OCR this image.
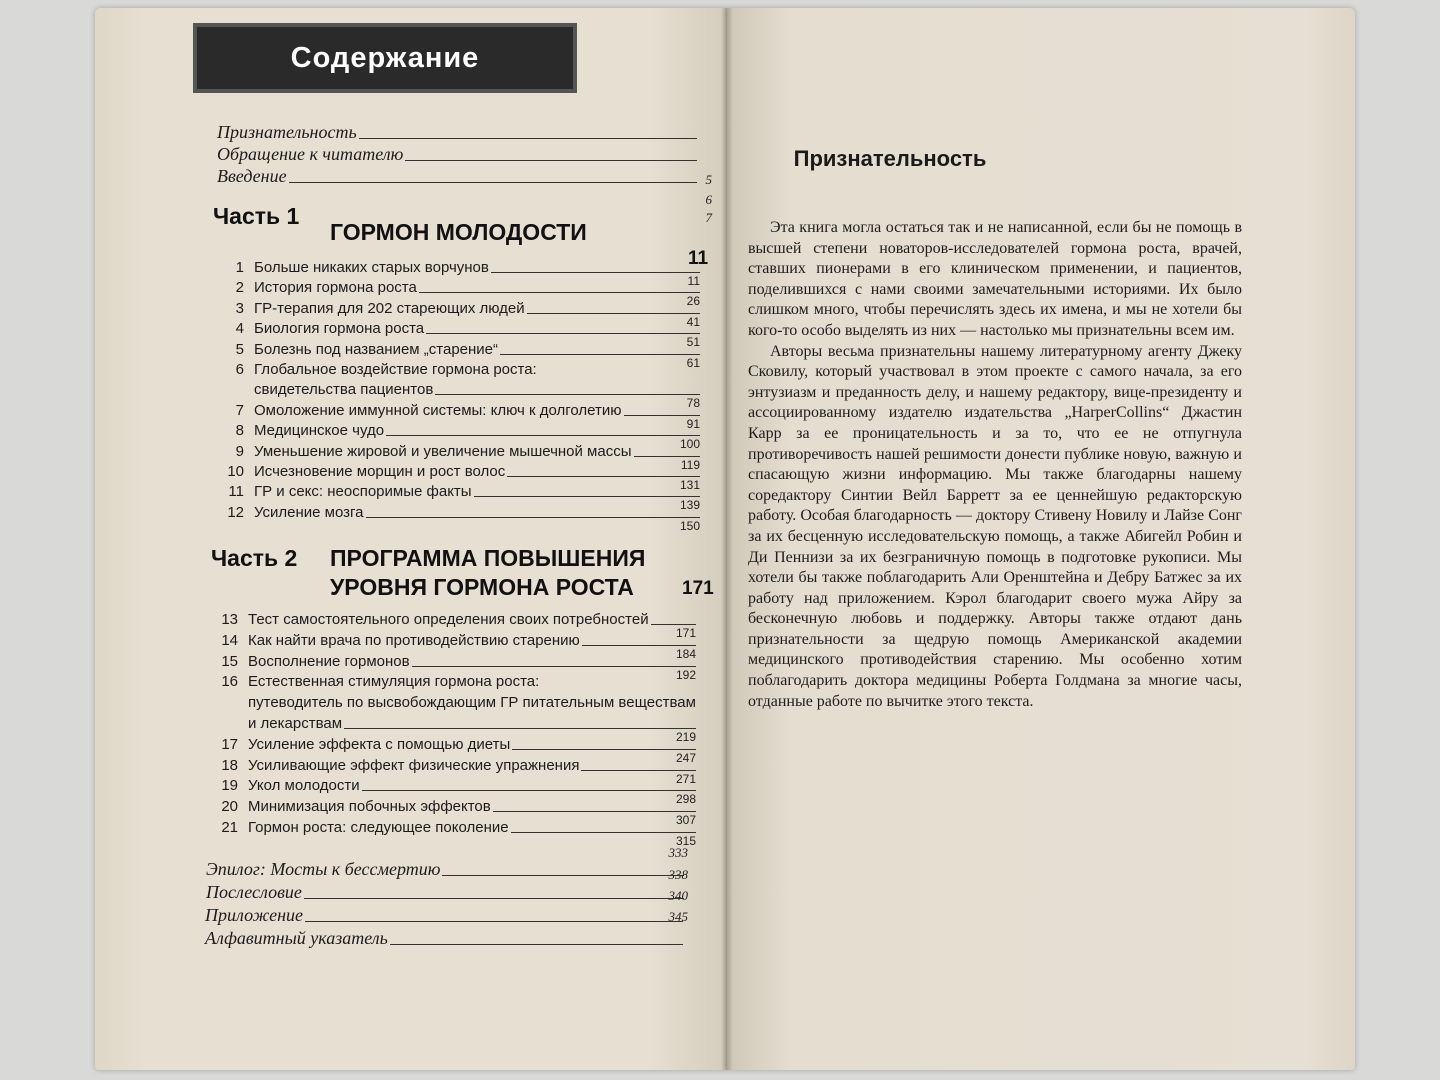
Содержание
Признательность
Обращение к читателю
Введение	5
6
7
Часть 1
ГОРМОН МОЛОДОСТИ
11
1 Больше никаких старых ворчунов
11
2 История гормона роста
26
3 ГР-терапия для 202 стареющих людей
41
4 Биология гормона роста
51
5 Болезнь под названием „старение“
61
6 Глобальное воздействие гормона роста:
свидетельства пациентов
78
7 Омоложение иммунной системы: ключ к долголетию
91
8 Медицинское чудо
100
9 Уменьшение жировой и увеличение мышечной массы
119
10 Исчезновение морщин и рост волос
131
11 ГР и секс: неоспоримые факты
139
12 Усиление мозга
150
Часть 2 ПРОГРАММА ПОВЫШЕНИЯ
УРОВНЯ ГОРМОНА РОСТА	171
13 Тест самостоятельного определения своих потребностей
171
14 Как найти врача по противодействию старению
184
15 Восполнение гормонов
192
16 Естественная стимуляция гормона роста:
путеводитель по высвобождающим ГР питательным веществам
и лекарствам
219
17 Усиление эффекта с помощью диеты
247
18 Усиливающие эффект физические упражнения
271
19 Укол молодости
298
20 Минимизация побочных эффектов
307
21 Гормон роста: следующее поколение
315
Эпилог: Мосты к бессмертию
Послесловие
Приложение
Алфавитный указатель
333
338
340
345
Признательность

Эта книга могла остаться так и не написанной, если бы не помощь в высшей степени новаторов-исследователей гормона роста, врачей, ставших пионерами в его клиническом применении, и пациентов, поделившихся с нами своими замечательными историями. Их было слишком много, чтобы перечислять здесь их имена, и мы не хотели бы кого-то особо выделять из них — настолько мы признательны всем им.

Авторы весьма признательны нашему литературному агенту Джеку Сковилу, который участвовал в этом проекте с самого начала, за его энтузиазм и преданность делу, и нашему редактору, вице-президенту и ассоциированному издателю издательства „HarperCollins“ Джастин Карр за ее проницательность и за то, что ее не отпугнула противоречивость нашей решимости донести публике новую, важную и спасающую жизни информацию. Мы также благодарны нашему соредактору Синтии Вейл Барретт за ее ценнейшую редакторскую работу. Особая благодарность — доктору Стивену Новилу и Лайзе Сонг за их бесценную исследовательскую помощь, а также Абигейл Робин и Ди Пеннизи за их безграничную помощь в подготовке рукописи. Мы хотели бы также поблагодарить Али Оренштейна и Дебру Батжес за их работу над приложением. Кэрол благодарит своего мужа Айру за бесконечную любовь и поддержку. Авторы также отдают дань признательности за щедрую помощь Американской академии медицинского противодействия старению. Мы особенно хотим поблагодарить доктора медицины Роберта Голдмана за многие часы, отданные работе по вычитке этого текста.
